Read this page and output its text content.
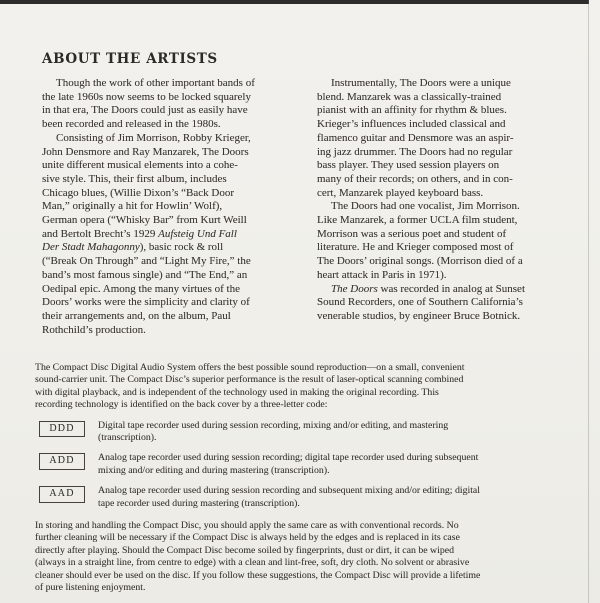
ABOUT THE ARTISTS

Though the work of other important bands of
the late 1960s now seems to be locked squarely
in that era, The Doors could just as easily have
been recorded and released in the 1980s.

Consisting of Jim Morrison, Robby Krieger,
John Densmore and Ray Manzarek, The Doors
unite different musical elements into a cohe-
sive style. This, their first album, includes
Chicago blues, (Willie Dixon’s “Back Door
Man,” originally a hit for Howlin’ Wolf),
German opera (“Whisky Bar” from Kurt Weill
and Bertolt Brecht’s 1929 Aufsteig Und Fall
Der Stadt Mahagonny), basic rock & roll
(“Break On Through” and “Light My Fire,” the
band’s most famous single) and “The End,” an
Oedipal epic. Among the many virtues of the
Doors’ works were the simplicity and clarity of
their arrangements and, on the album, Paul
Rothchild’s production.

Instrumentally, The Doors were a unique
blend. Manzarek was a classically-trained
pianist with an affinity for rhythm & blues.
Krieger’s influences included classical and
flamenco guitar and Densmore was an aspir-
ing jazz drummer. The Doors had no regular
bass player. They used session players on
many of their records; on others, and in con-
cert, Manzarek played keyboard bass.

The Doors had one vocalist, Jim Morrison.
Like Manzarek, a former UCLA film student,
Morrison was a serious poet and student of
literature. He and Krieger composed most of
The Doors’ original songs. (Morrison died of a
heart attack in Paris in 1971).

The Doors was recorded in analog at Sunset
Sound Recorders, one of Southern California’s
venerable studios, by engineer Bruce Botnick.

The Compact Disc Digital Audio System offers the best possible sound reproduction—on a small, convenient
sound-carrier unit. The Compact Disc’s superior performance is the result of laser-optical scanning combined
with digital playback, and is independent of the technology used in making the original recording. This
recording technology is identified on the back cover by a three-letter code:

DDD	Digital tape recorder used during session recording, mixing and/or editing, and mastering
(transcription).

ADD	Analog tape recorder used during session recording; digital tape recorder used during subsequent
mixing and/or editing and during mastering (transcription).

AAD	Analog tape recorder used during session recording and subsequent mixing and/or editing; digital
tape recorder used during mastering (transcription).

In storing and handling the Compact Disc, you should apply the same care as with conventional records. No
further cleaning will be necessary if the Compact Disc is always held by the edges and is replaced in its case
directly after playing. Should the Compact Disc become soiled by fingerprints, dust or dirt, it can be wiped
(always in a straight line, from centre to edge) with a clean and lint-free, soft, dry cloth. No solvent or abrasive
cleaner should ever be used on the disc. If you follow these suggestions, the Compact Disc will provide a lifetime
of pure listening enjoyment.
